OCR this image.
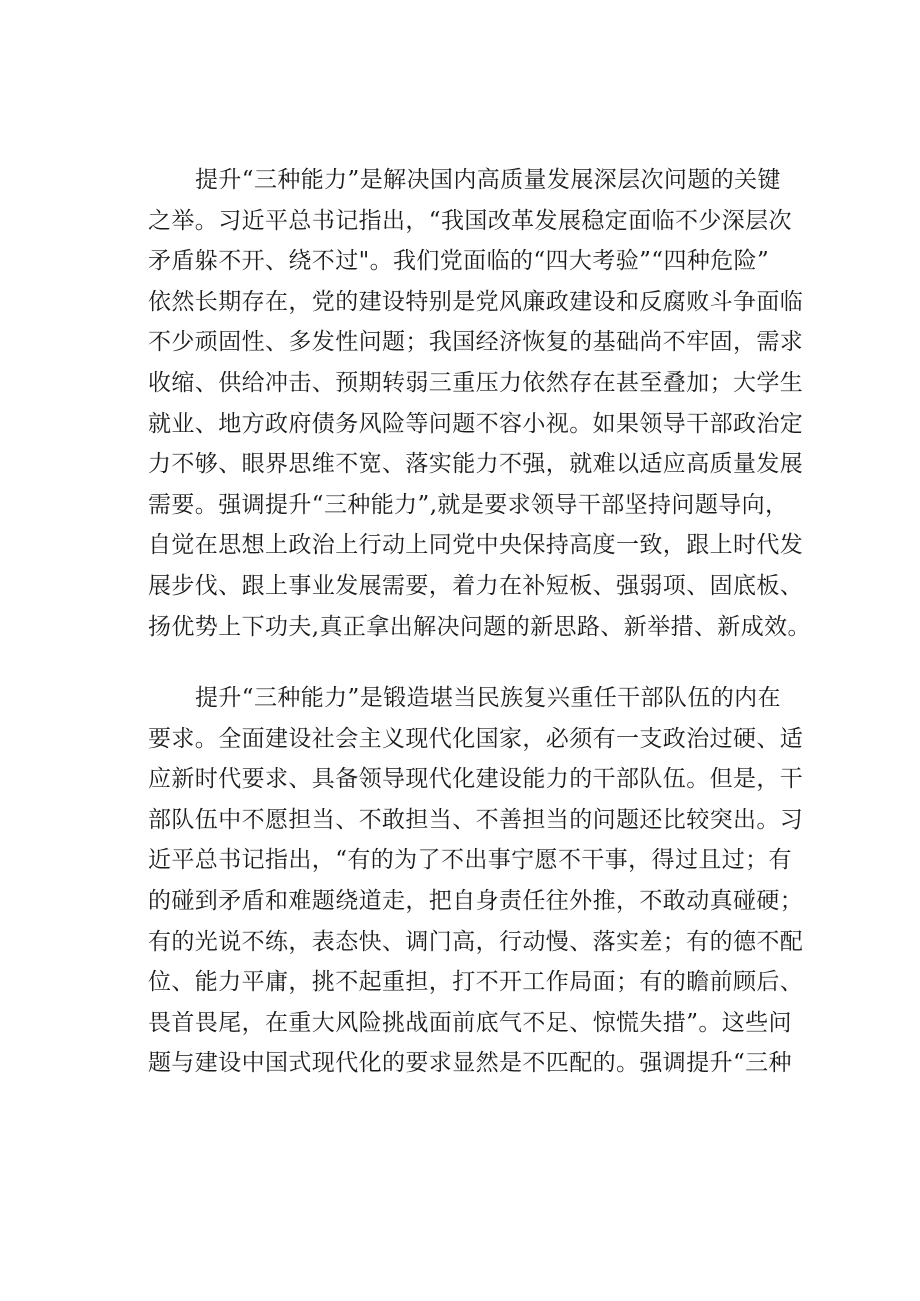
提升“三种能力”是解决国内高质量发展深层次问题的关键
之举。习近平总书记指出，“我国改革发展稳定面临不少深层次
矛盾躲不开、绕不过"。我们党面临的“四大考验”“四种危险”
依然长期存在，党的建设特别是党风廉政建设和反腐败斗争面临
不少顽固性、多发性问题；我国经济恢复的基础尚不牢固，需求
收缩、供给冲击、预期转弱三重压力依然存在甚至叠加；大学生
就业、地方政府债务风险等问题不容小视。如果领导干部政治定
力不够、眼界思维不宽、落实能力不强，就难以适应高质量发展
需要。强调提升“三种能力”,就是要求领导干部坚持问题导向，
自觉在思想上政治上行动上同党中央保持高度一致，跟上时代发
展步伐、跟上事业发展需要，着力在补短板、强弱项、固底板、
扬优势上下功夫,真正拿出解决问题的新思路、新举措、新成效。
提升“三种能力”是锻造堪当民族复兴重任干部队伍的内在
要求。全面建设社会主义现代化国家，必须有一支政治过硬、适
应新时代要求、具备领导现代化建设能力的干部队伍。但是，干
部队伍中不愿担当、不敢担当、不善担当的问题还比较突出。习
近平总书记指出，“有的为了不出事宁愿不干事，得过且过；有
的碰到矛盾和难题绕道走，把自身责任往外推，不敢动真碰硬；
有的光说不练，表态快、调门高，行动慢、落实差；有的德不配
位、能力平庸，挑不起重担，打不开工作局面；有的瞻前顾后、
畏首畏尾，在重大风险挑战面前底气不足、惊慌失措”。这些问
题与建设中国式现代化的要求显然是不匹配的。强调提升“三种
